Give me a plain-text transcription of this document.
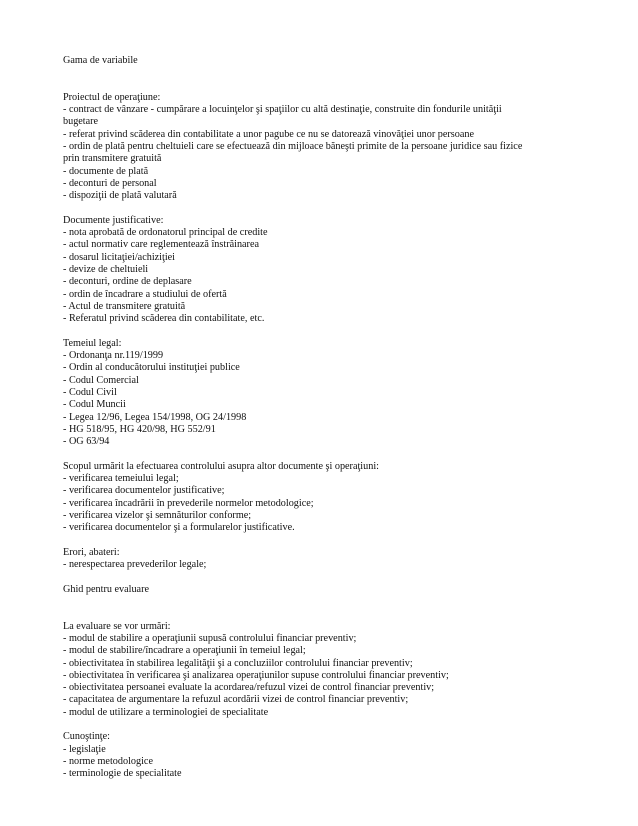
Gama de variabile
Proiectul de operaţiune:
- contract de vânzare - cumpărare a locuinţelor şi spaţiilor cu altă destinaţie, construite din fondurile unităţii
bugetare
- referat privind scăderea din contabilitate a unor pagube ce nu se datorează vinovăţiei unor persoane
- ordin de plată pentru cheltuieli care se efectuează din mijloace băneşti primite de la persoane juridice sau fizice
prin transmitere gratuită
- documente de plată
- deconturi de personal
- dispoziţii de plată valutară
Documente justificative:
- nota aprobată de ordonatorul principal de credite
- actul normativ care reglementează înstrăinarea
- dosarul licitaţiei/achiziţiei
- devize de cheltuieli
- deconturi, ordine de deplasare
- ordin de încadrare a studiului de ofertă
- Actul de transmitere gratuită
- Referatul privind scăderea din contabilitate, etc.
Temeiul legal:
- Ordonanţa nr.119/1999
- Ordin al conducătorului instituţiei publice
- Codul Comercial
- Codul Civil
- Codul Muncii
- Legea 12/96, Legea 154/1998, OG 24/1998
- HG 518/95, HG 420/98, HG 552/91
- OG 63/94
Scopul urmărit la efectuarea controlului asupra altor documente şi operaţiuni:
- verificarea temeiului legal;
- verificarea documentelor justificative;
- verificarea încadrării în prevederile normelor metodologice;
- verificarea vizelor şi semnăturilor conforme;
- verificarea documentelor şi a formularelor justificative.
Erori, abateri:
- nerespectarea prevederilor legale;
Ghid pentru evaluare
La evaluare se vor urmări:
- modul de stabilire a operaţiunii supusă controlului financiar preventiv;
- modul de stabilire/încadrare a operaţiunii în temeiul legal;
- obiectivitatea în stabilirea legalităţii şi a concluziilor controlului financiar preventiv;
- obiectivitatea în verificarea şi analizarea operaţiunilor supuse controlului financiar preventiv;
- obiectivitatea persoanei evaluate la acordarea/refuzul vizei de control financiar preventiv;
- capacitatea de argumentare la refuzul acordării vizei de control financiar preventiv;
- modul de utilizare a terminologiei de specialitate
Cunoştinţe:
- legislaţie
- norme metodologice
- terminologie de specialitate
